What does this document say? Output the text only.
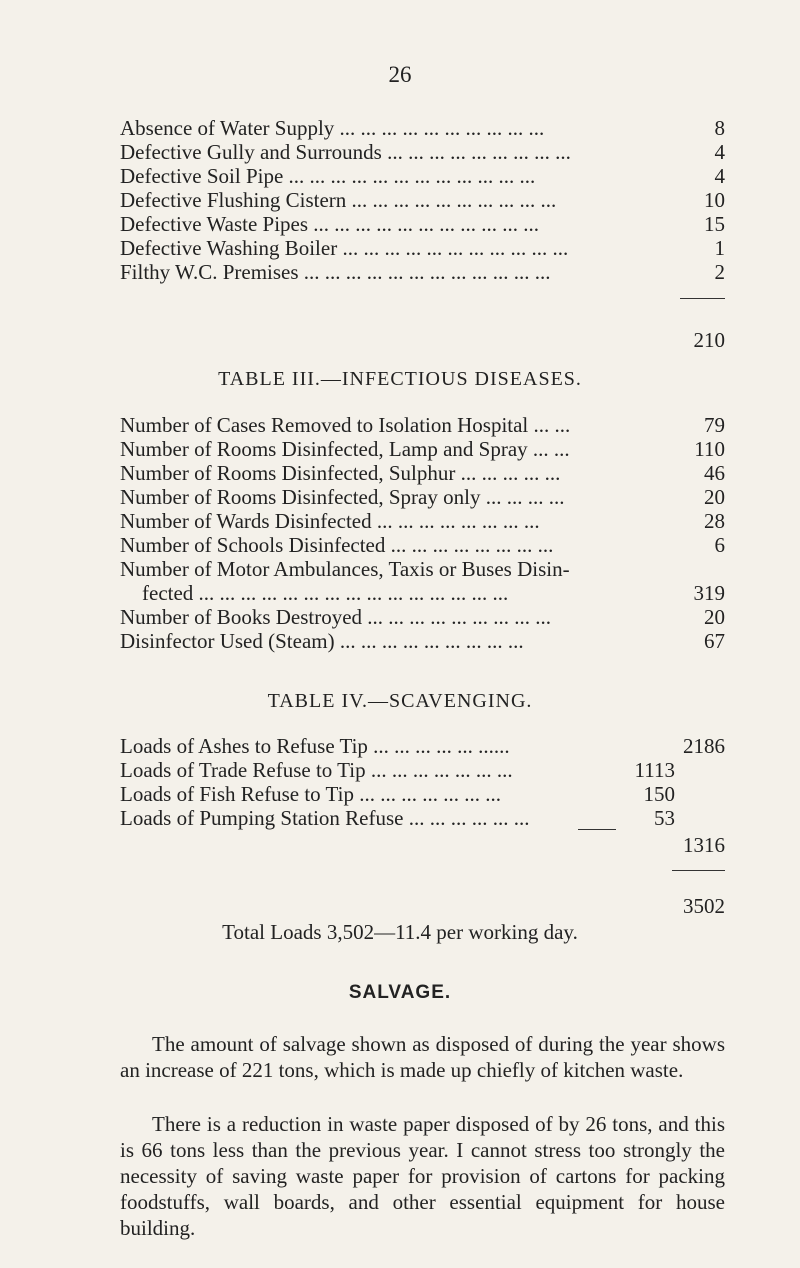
26
Absence of Water Supply ... ... ... ... ... ... ... ... ... ...	8
Defective Gully and Surrounds ... ... ... ... ... ... ... ... ...	4
Defective Soil Pipe ... ... ... ... ... ... ... ... ... ... ... ...	4
Defective Flushing Cistern ... ... ... ... ... ... ... ... ... ...	10
Defective Waste Pipes ... ... ... ... ... ... ... ... ... ... ...	15
Defective Washing Boiler ... ... ... ... ... ... ... ... ... ... ...	1
Filthy W.C. Premises ... ... ... ... ... ... ... ... ... ... ... ...	2
210
TABLE III.—INFECTIOUS DISEASES.
Number of Cases Removed to Isolation Hospital ... ...	79
Number of Rooms Disinfected, Lamp and Spray ... ...	110
Number of Rooms Disinfected, Sulphur ... ... ... ... ...	46
Number of Rooms Disinfected, Spray only ... ... ... ...	20
Number of Wards Disinfected ... ... ... ... ... ... ... ...	28
Number of Schools Disinfected ... ... ... ... ... ... ... ...	6
Number of Motor Ambulances, Taxis or Buses Disin-
fected ... ... ... ... ... ... ... ... ... ... ... ... ... ... ...	319
Number of Books Destroyed ... ... ... ... ... ... ... ... ...	20
Disinfector Used (Steam) ... ... ... ... ... ... ... ... ...	67
TABLE IV.—SCAVENGING.
Loads of Ashes to Refuse Tip ... ... ... ... ... ......	2186
Loads of Trade Refuse to Tip ... ... ... ... ... ... ...	1113
Loads of Fish Refuse to Tip ... ... ... ... ... ... ...	150
Loads of Pumping Station Refuse ... ... ... ... ... ...	53
1316
3502
Total Loads 3,502—11.4 per working day.
SALVAGE.
The amount of salvage shown as disposed of during the year shows an increase of 221 tons, which is made up chiefly of kitchen waste.
There is a reduction in waste paper disposed of by 26 tons, and this is 66 tons less than the previous year. I cannot stress too strongly the necessity of saving waste paper for provision of cartons for packing foodstuffs, wall boards, and other essential equipment for house building.
